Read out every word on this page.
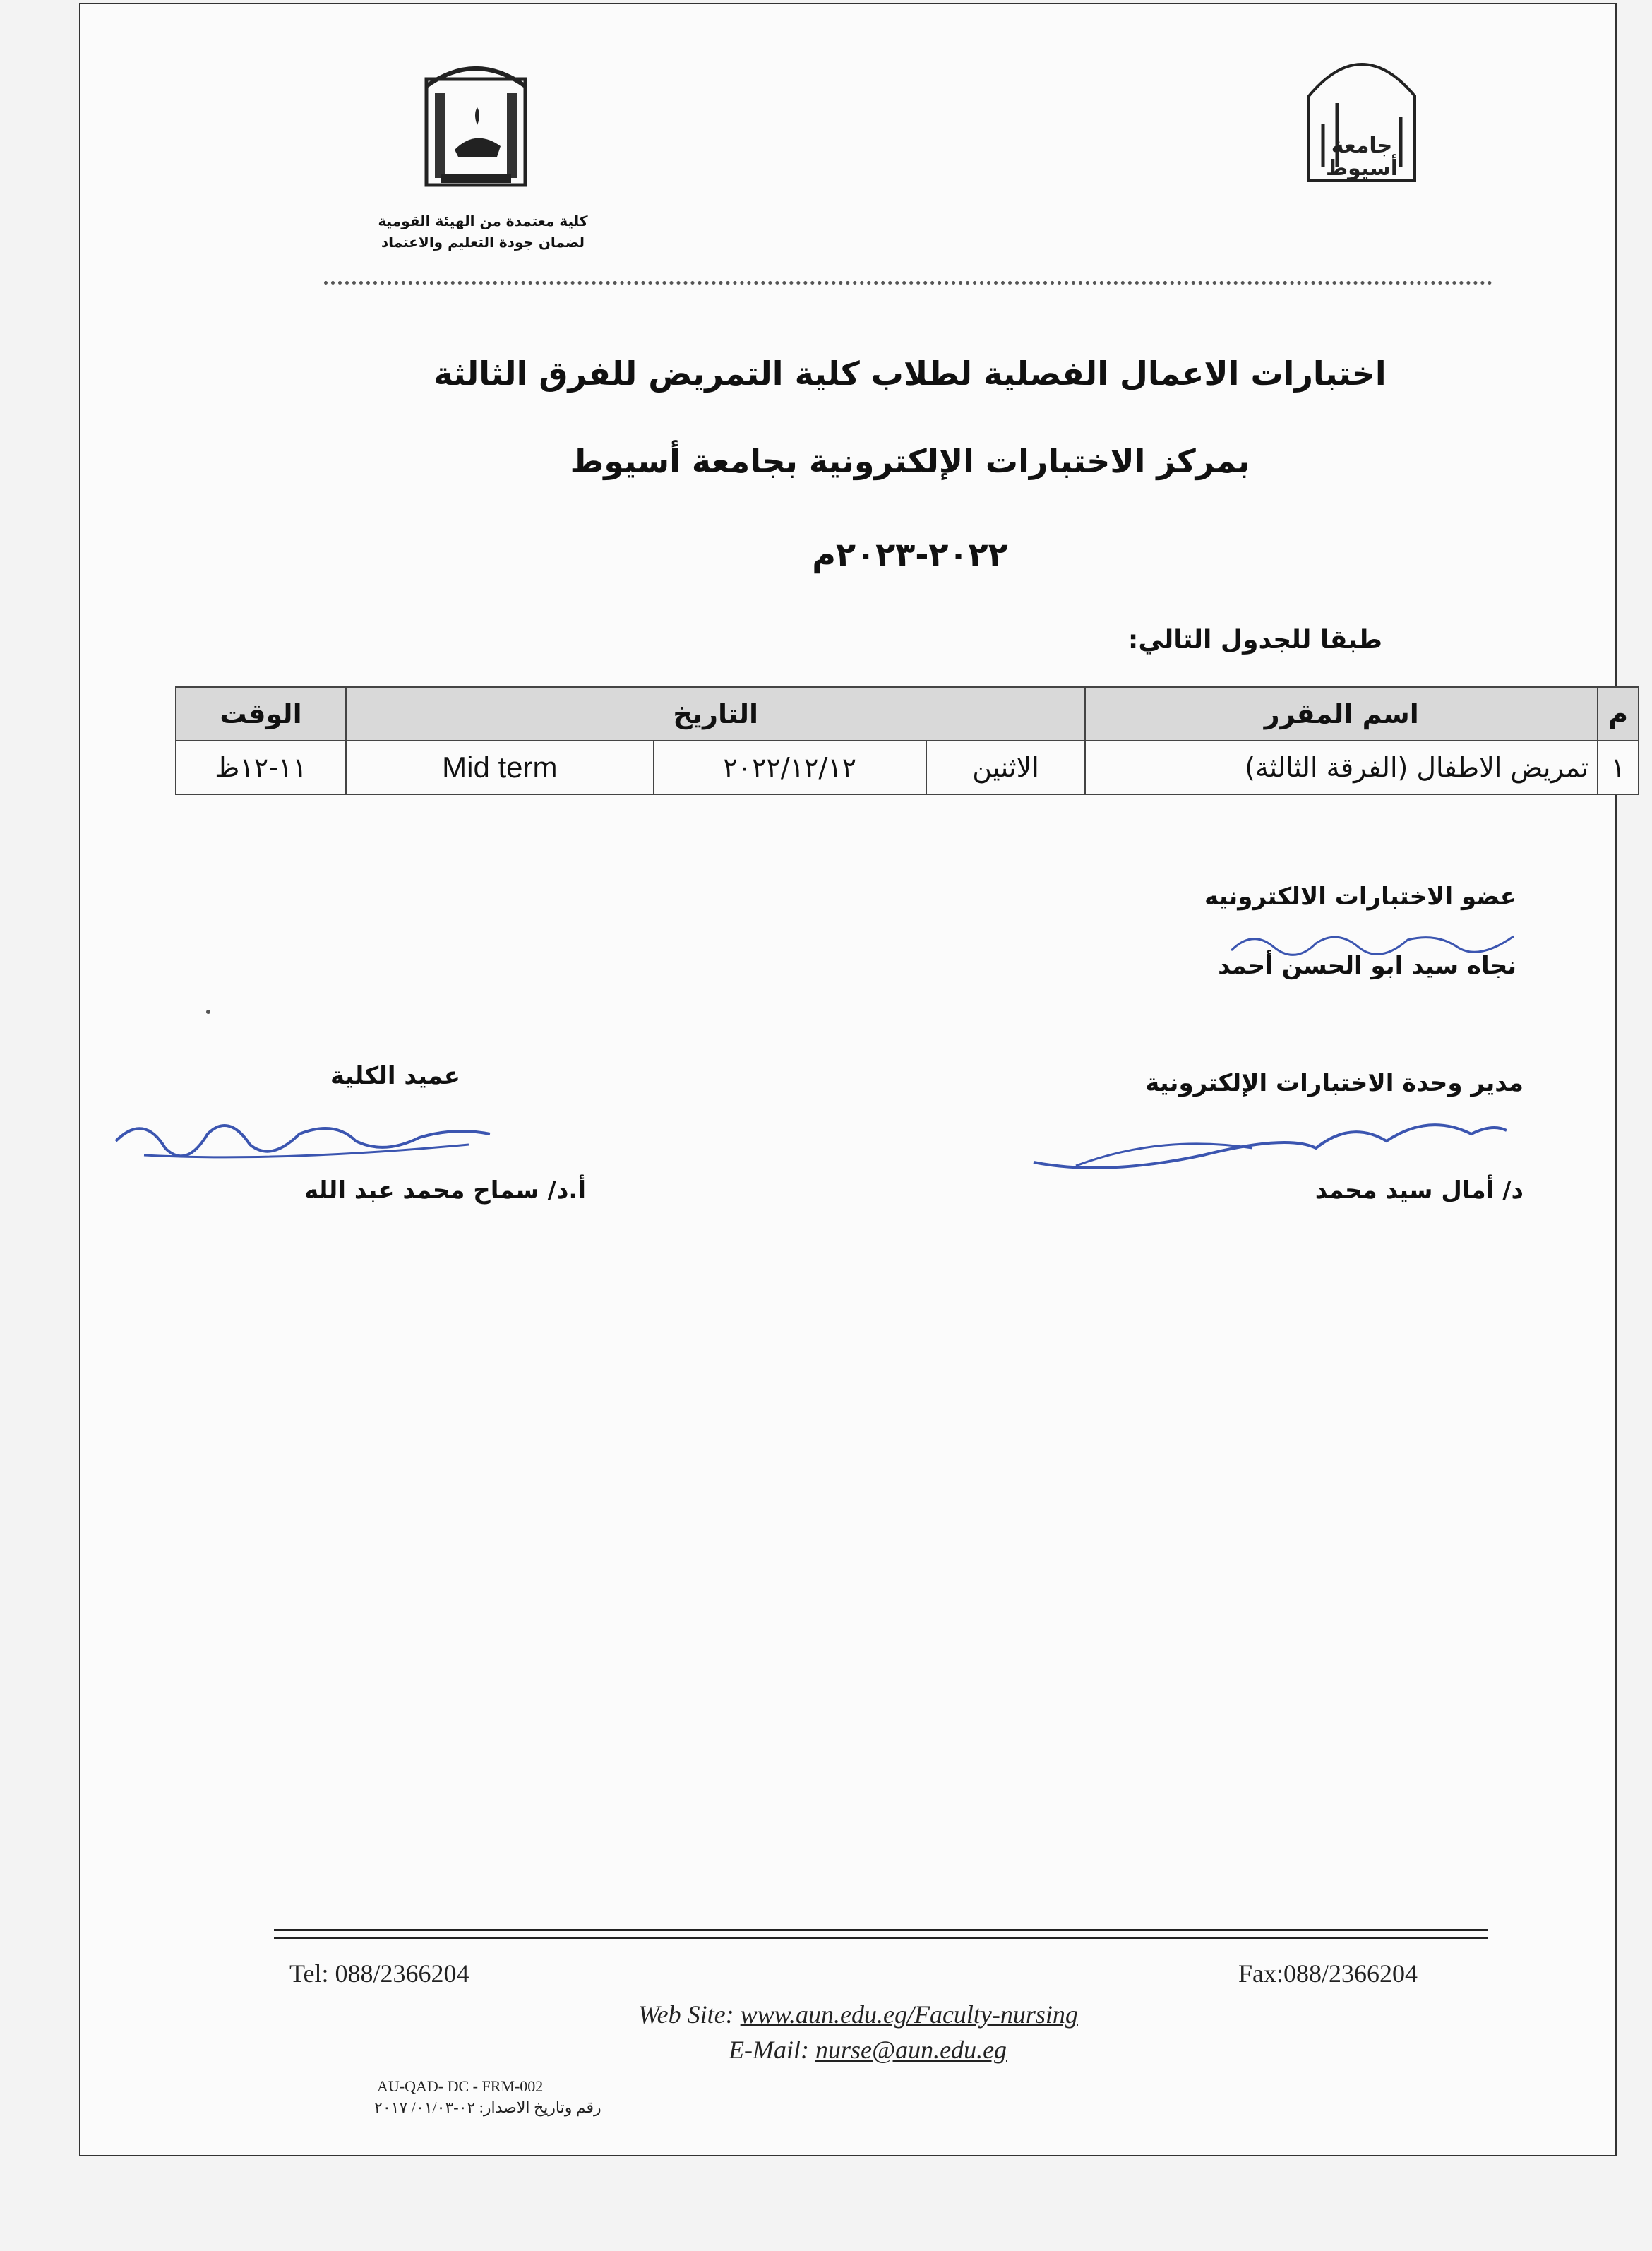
كلية معتمدة من الهيئة القومية
لضمان جودة التعليم والاعتماد
جامعة
أسيوط
اختبارات الاعمال الفصلية لطلاب كلية التمريض للفرق الثالثة
بمركز الاختبارات الإلكترونية بجامعة أسيوط
٢٠٢٢-٢٠٢٣م
طبقا للجدول التالي:
م	اسم المقرر	التاريخ			الوقت
١	تمريض الاطفال (الفرقة الثالثة)	الاثنين	٢٠٢٢/١٢/١٢	Mid term	١١-١٢ظ
عضو الاختبارات الالكترونيه
نجاه سيد ابو الحسن أحمد
مدير وحدة الاختبارات الإلكترونية
د/ أمال سيد محمد
عميد الكلية
أ.د/ سماح محمد عبد الله
Tel: 088/2366204	Fax:088/2366204
Web Site: www.aun.edu.eg/Faculty-nursing
E-Mail: nurse@aun.edu.eg
AU-QAD- DC - FRM-002
رقم وتاريخ الاصدار: ٠٢-٠١/٠٣/ ٢٠١٧
